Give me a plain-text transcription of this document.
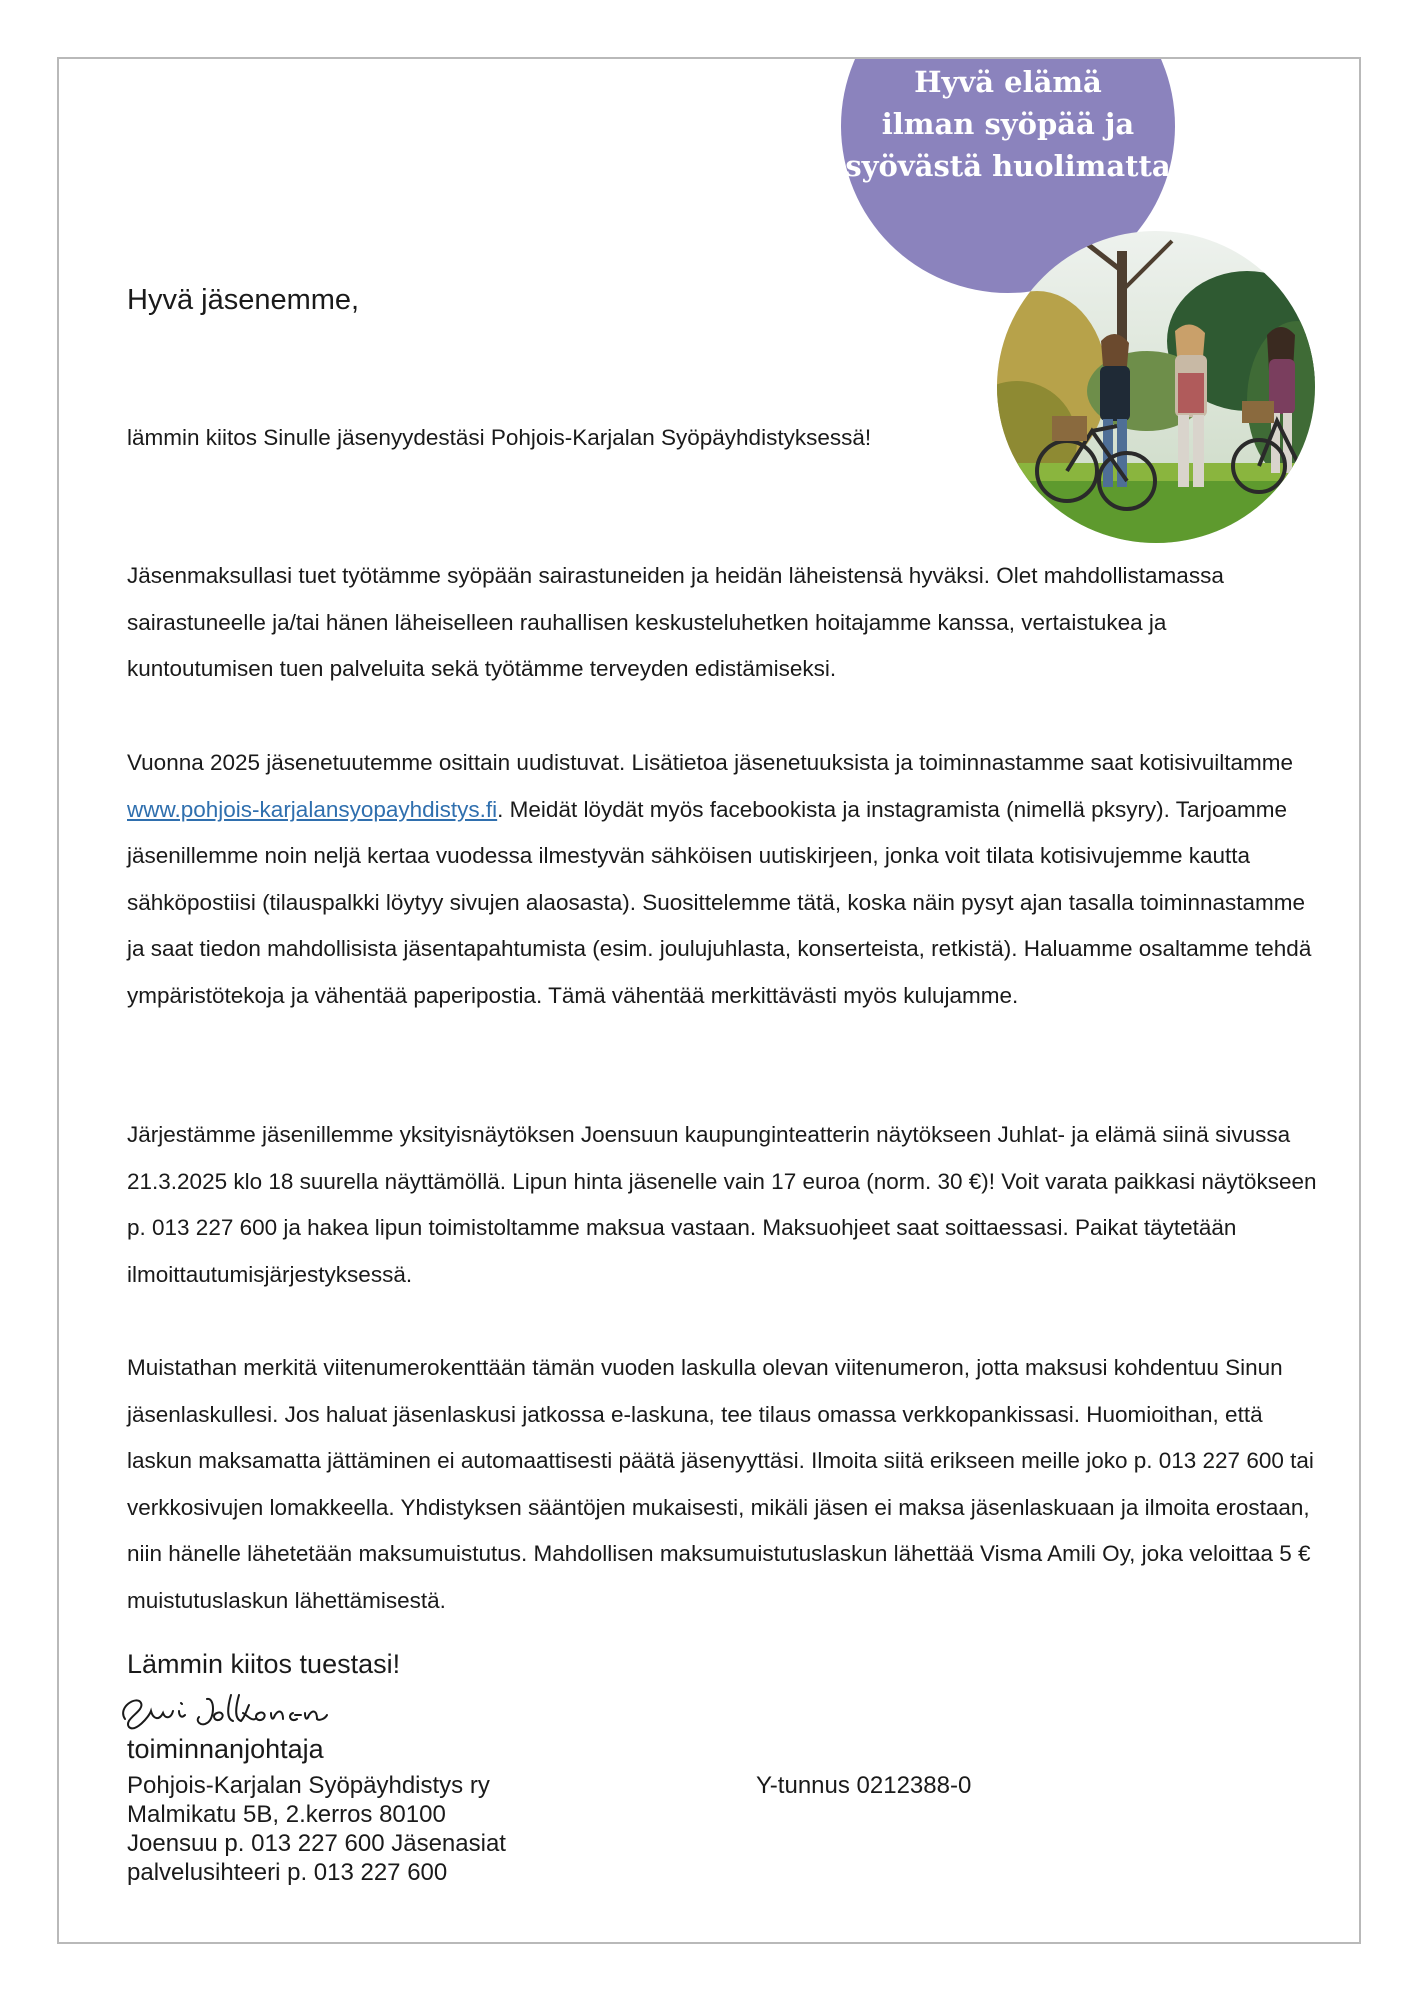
Hyvä elämä
ilman syöpää ja
syövästä huolimatta
Hyvä jäsenemme,

lämmin kiitos Sinulle jäsenyydestäsi Pohjois-Karjalan Syöpäyhdistyksessä!

Jäsenmaksullasi tuet työtämme syöpään sairastuneiden ja heidän läheistensä hyväksi. Olet mahdollistamassa sairastuneelle ja/tai hänen läheiselleen rauhallisen keskusteluhetken hoitajamme kanssa, vertaistukea ja kuntoutumisen tuen palveluita sekä työtämme terveyden edistämiseksi.

Vuonna 2025 jäsenetuutemme osittain uudistuvat. Lisätietoa jäsenetuuksista ja toiminnastamme saat kotisivuiltamme www.pohjois-karjalansyopayhdistys.fi. Meidät löydät myös facebookista ja instagramista (nimellä pksyry). Tarjoamme jäsenillemme noin neljä kertaa vuodessa ilmestyvän sähköisen uutiskirjeen, jonka voit tilata kotisivujemme kautta sähköpostiisi (tilauspalkki löytyy sivujen alaosasta). Suosittelemme tätä, koska näin pysyt ajan tasalla toiminnastamme ja saat tiedon mahdollisista jäsentapahtumista (esim. joulujuhlasta, konserteista, retkistä). Haluamme osaltamme tehdä ympäristötekoja ja vähentää paperipostia. Tämä vähentää merkittävästi myös kulujamme.

Järjestämme jäsenillemme yksityisnäytöksen Joensuun kaupunginteatterin näytökseen Juhlat- ja elämä siinä sivussa 21.3.2025 klo 18 suurella näyttämöllä. Lipun hinta jäsenelle vain 17 euroa (norm. 30 €)! Voit varata paikkasi näytökseen p. 013 227 600 ja hakea lipun toimistoltamme maksua vastaan. Maksuohjeet saat soittaessasi. Paikat täytetään ilmoittautumisjärjestyksessä.

Muistathan merkitä viitenumerokenttään tämän vuoden laskulla olevan viitenumeron, jotta maksusi kohdentuu Sinun jäsenlaskullesi. Jos haluat jäsenlaskusi jatkossa e-laskuna, tee tilaus omassa verkkopankissasi. Huomioithan, että laskun maksamatta jättäminen ei automaattisesti päätä jäsenyyttäsi. Ilmoita siitä erikseen meille joko p. 013 227 600 tai verkkosivujen lomakkeella. Yhdistyksen sääntöjen mukaisesti, mikäli jäsen ei maksa jäsenlaskuaan ja ilmoita erostaan, niin hänelle lähetetään maksumuistutus. Mahdollisen maksumuistutuslaskun lähettää Visma Amili Oy, joka veloittaa 5 € muistutuslaskun lähettämisestä.

Lämmin kiitos tuestasi!
toiminnanjohtaja
Pohjois-Karjalan Syöpäyhdistys ry
Malmikatu 5B, 2.kerros 80100
Joensuu p. 013 227 600 Jäsenasiat
palvelusihteeri p. 013 227 600
Y-tunnus 0212388-0
